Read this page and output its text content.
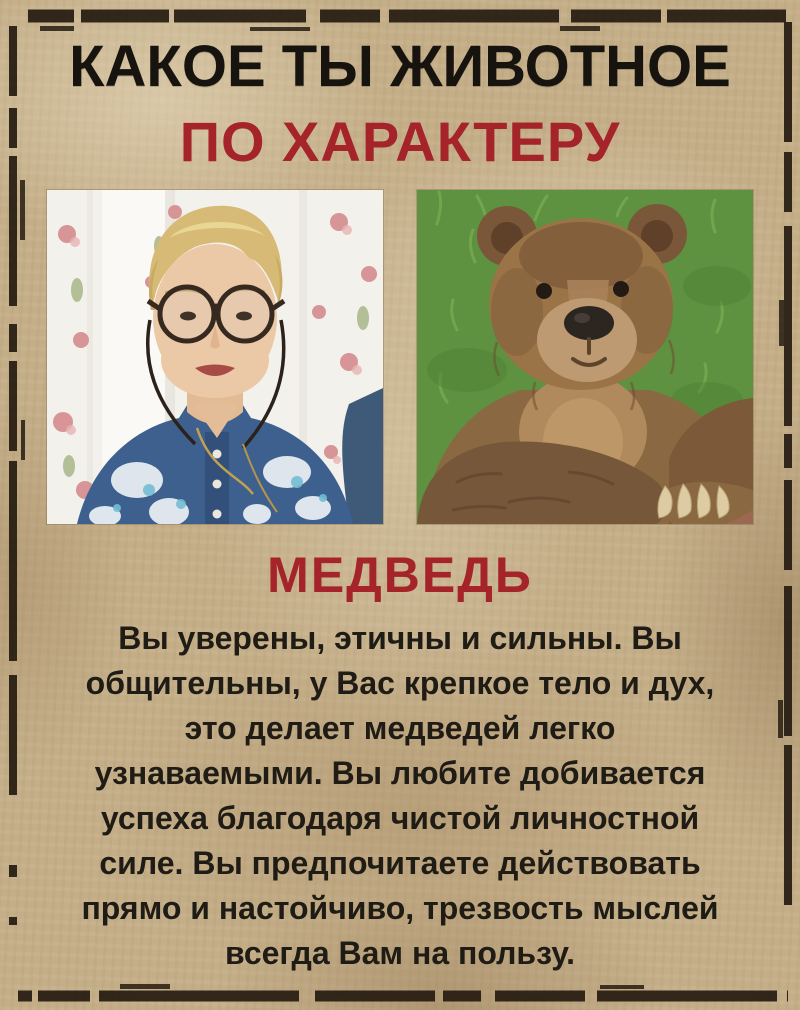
КАКОЕ ТЫ ЖИВОТНОЕ
ПО ХАРАКТЕРУ
МЕДВЕДЬ
Вы уверены, этичны и сильны. Вы
общительны, у Вас крепкое тело и дух,
это делает медведей легко
узнаваемыми. Вы любите добивается
успеха благодаря чистой личностной
силе. Вы предпочитаете действовать
прямо и настойчиво, трезвость мыслей
всегда Вам на пользу.
